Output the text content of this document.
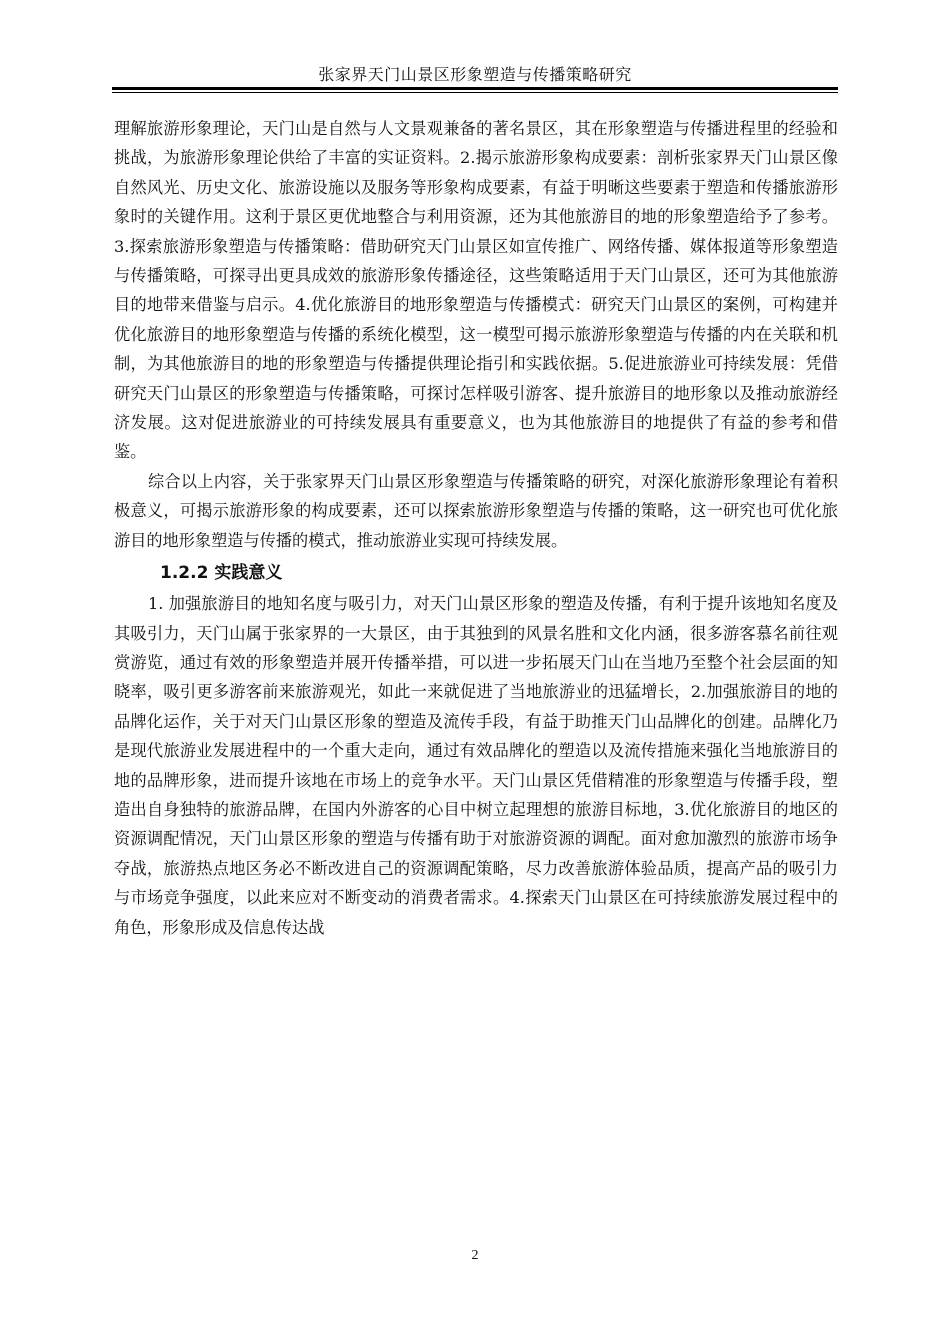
张家界天门山景区形象塑造与传播策略研究

理解旅游形象理论，天门山是自然与人文景观兼备的著名景区，其在形象塑造与传播进程里的经验和挑战，为旅游形象理论供给了丰富的实证资料。2.揭示旅游形象构成要素：剖析张家界天门山景区像自然风光、历史文化、旅游设施以及服务等形象构成要素，有益于明晰这些要素于塑造和传播旅游形象时的关键作用。这利于景区更优地整合与利用资源，还为其他旅游目的地的形象塑造给予了参考。3.探索旅游形象塑造与传播策略：借助研究天门山景区如宣传推广、网络传播、媒体报道等形象塑造与传播策略，可探寻出更具成效的旅游形象传播途径，这些策略适用于天门山景区，还可为其他旅游目的地带来借鉴与启示。4.优化旅游目的地形象塑造与传播模式：研究天门山景区的案例，可构建并优化旅游目的地形象塑造与传播的系统化模型，这一模型可揭示旅游形象塑造与传播的内在关联和机制，为其他旅游目的地的形象塑造与传播提供理论指引和实践依据。5.促进旅游业可持续发展：凭借研究天门山景区的形象塑造与传播策略，可探讨怎样吸引游客、提升旅游目的地形象以及推动旅游经济发展。这对促进旅游业的可持续发展具有重要意义，也为其他旅游目的地提供了有益的参考和借鉴。

综合以上内容，关于张家界天门山景区形象塑造与传播策略的研究，对深化旅游形象理论有着积极意义，可揭示旅游形象的构成要素，还可以探索旅游形象塑造与传播的策略，这一研究也可优化旅游目的地形象塑造与传播的模式，推动旅游业实现可持续发展。

1.2.2 实践意义

1. 加强旅游目的地知名度与吸引力，对天门山景区形象的塑造及传播，有利于提升该地知名度及其吸引力，天门山属于张家界的一大景区，由于其独到的风景名胜和文化内涵，很多游客慕名前往观赏游览，通过有效的形象塑造并展开传播举措，可以进一步拓展天门山在当地乃至整个社会层面的知晓率，吸引更多游客前来旅游观光，如此一来就促进了当地旅游业的迅猛增长，2.加强旅游目的地的品牌化运作，关于对天门山景区形象的塑造及流传手段，有益于助推天门山品牌化的创建。品牌化乃是现代旅游业发展进程中的一个重大走向，通过有效品牌化的塑造以及流传措施来强化当地旅游目的地的品牌形象，进而提升该地在市场上的竞争水平。天门山景区凭借精准的形象塑造与传播手段，塑造出自身独特的旅游品牌，在国内外游客的心目中树立起理想的旅游目标地，3.优化旅游目的地区的资源调配情况，天门山景区形象的塑造与传播有助于对旅游资源的调配。面对愈加激烈的旅游市场争夺战，旅游热点地区务必不断改进自己的资源调配策略，尽力改善旅游体验品质，提高产品的吸引力与市场竞争强度，以此来应对不断变动的消费者需求。4.探索天门山景区在可持续旅游发展过程中的角色，形象形成及信息传达战

2
